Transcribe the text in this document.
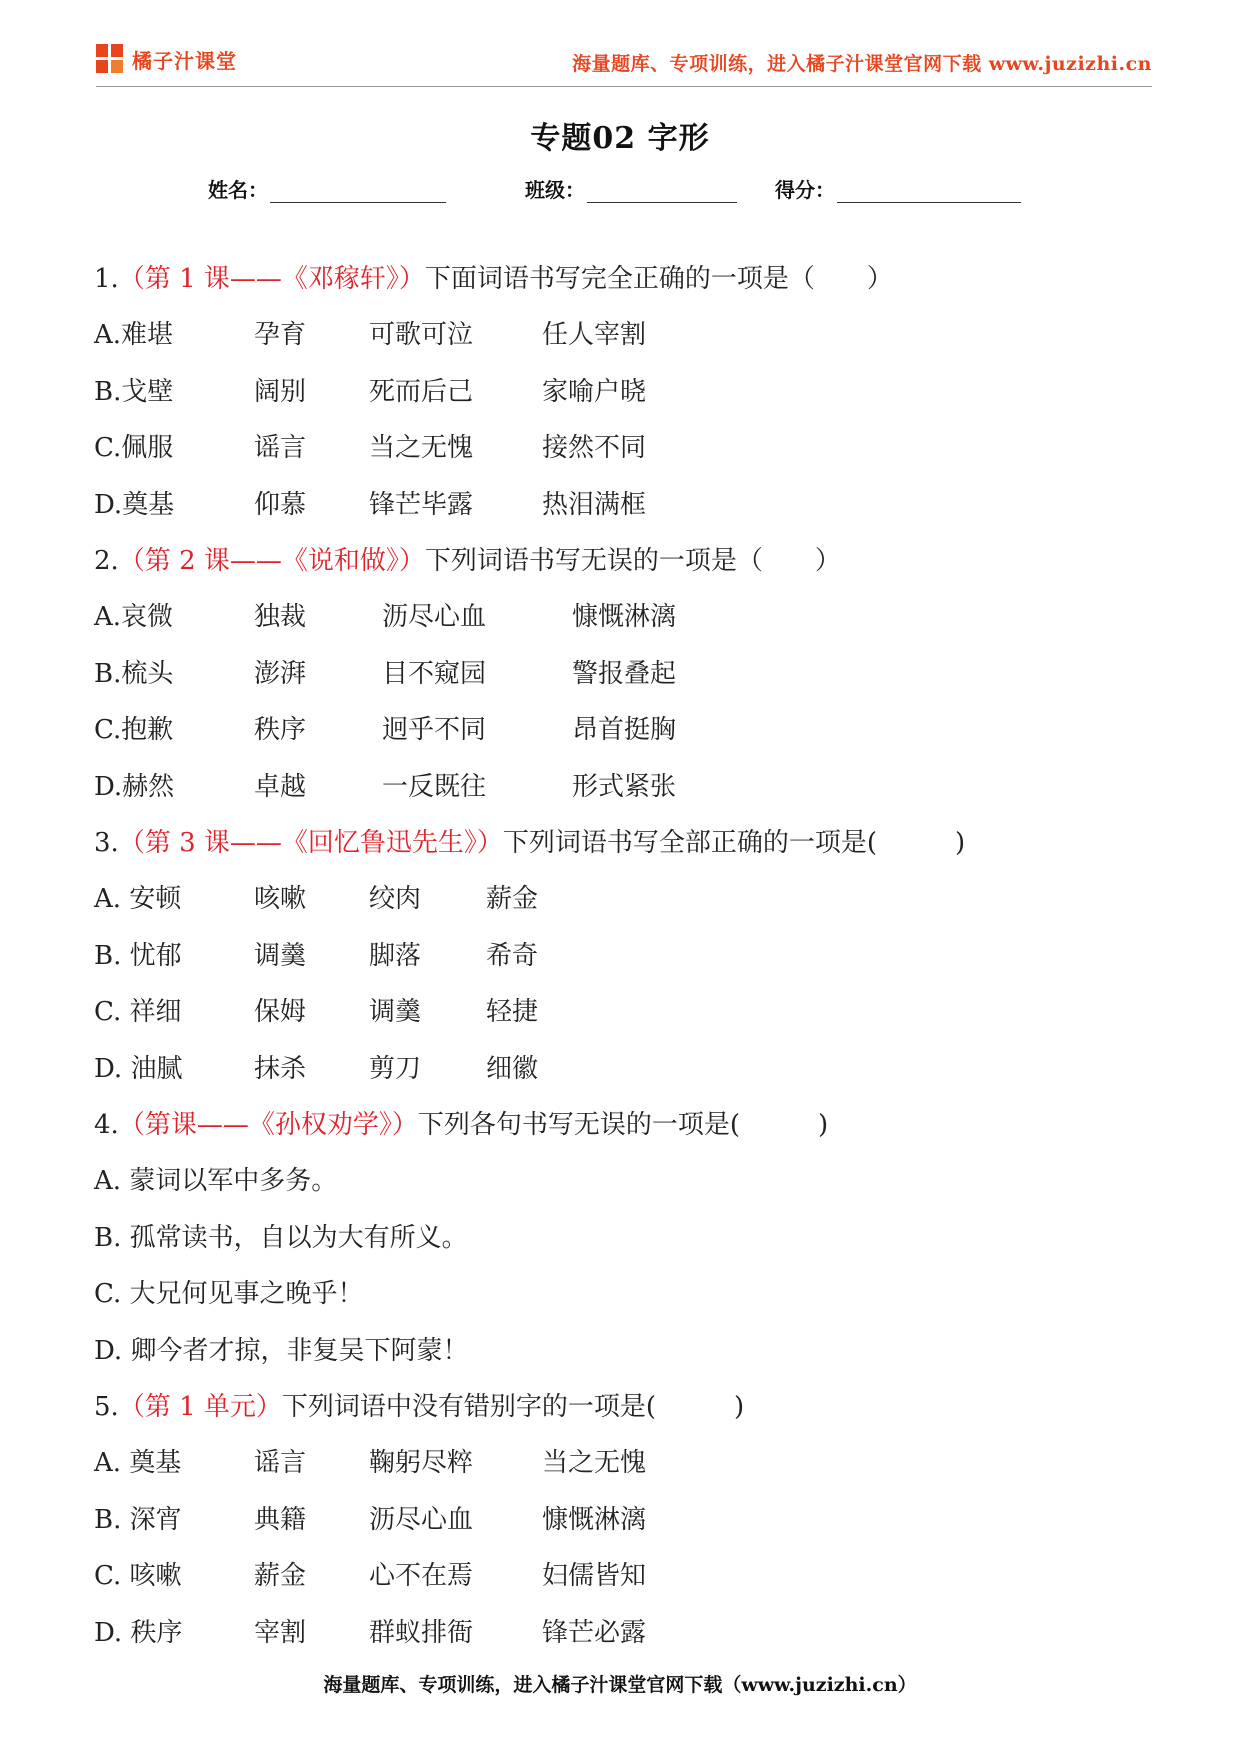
橘子汁课堂	海量题库、专项训练，进入橘子汁课堂官网下载 www.juzizhi.cn
专题02 字形
姓名：	班级：	得分：
1.（第 1 课——《邓稼轩》）下面词语书写完全正确的一项是（　　）
A.难堪	孕育 可歌可泣	任人宰割
B.戈壁	阔别 死而后己	家喻户晓
C.佩服	谣言 当之无愧	接然不同
D.奠基	仰慕 锋芒毕露	热泪满框
2.（第 2 课——《说和做》）下列词语书写无误的一项是（　　）
A.哀微	独裁	沥尽心血	慷慨淋漓
B.梳头	澎湃	目不窥园	警报叠起
C.抱歉	秩序	迥乎不同	昂首挺胸
D.赫然	卓越	一反既往	形式紧张
3.（第 3 课——《回忆鲁迅先生》）下列词语书写全部正确的一项是(　　　)
A. 安顿	咳嗽 绞肉 薪金
B. 忧郁	调羹 脚落 希奇
C. 祥细	保姆 调羹 轻捷
D. 油腻	抹杀 剪刀 细徽
4.（第课——《孙权劝学》）下列各句书写无误的一项是(　　　)
A. 蒙词以军中多务。
B. 孤常读书，自以为大有所义。
C. 大兄何见事之晚乎！
D. 卿今者才掠，非复吴下阿蒙！
5.（第 1 单元）下列词语中没有错别字的一项是(　　　)
A. 奠基	谣言 鞠躬尽粹	当之无愧
B. 深宵	典籍 沥尽心血	慷慨淋漓
C. 咳嗽	薪金 心不在焉	妇儒皆知
D. 秩序	宰割 群蚁排衙	锋芒必露
海量题库、专项训练，进入橘子汁课堂官网下载（www.juzizhi.cn）
